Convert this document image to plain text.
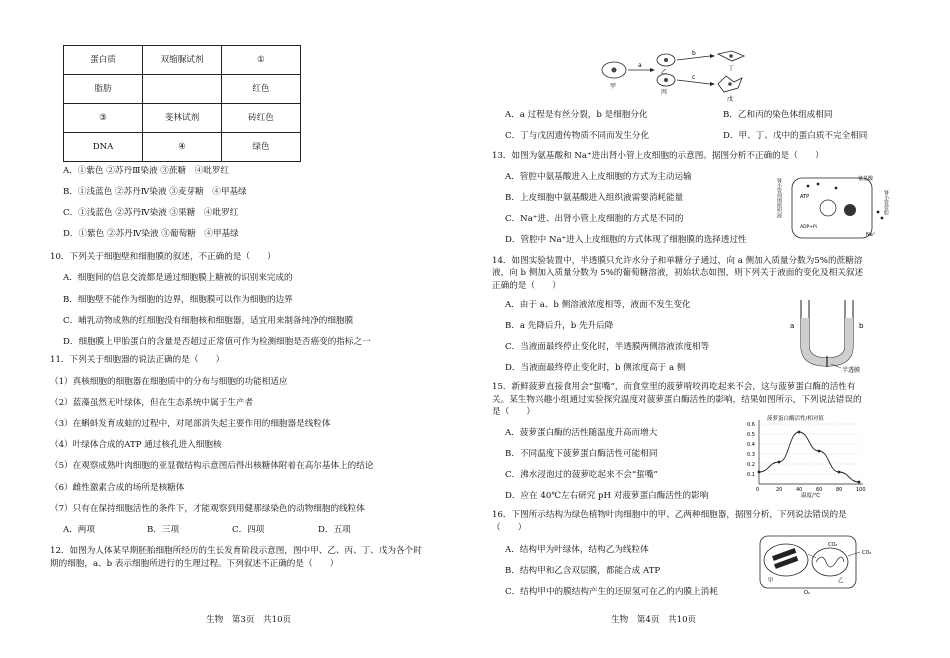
蛋白质	双缩脲试剂	①
脂肪		红色
③	斐林试剂	砖红色
DNA	④	绿色
A．①紫色 ②苏丹Ⅲ染液 ③蔗糖　④吡罗红
B．①浅蓝色 ②苏丹Ⅳ染液 ③麦芽糖　④甲基绿
C．①浅蓝色 ②苏丹Ⅳ染液 ③果糖　④吡罗红
D．①紫色 ②苏丹Ⅳ染液 ③葡萄糖　④甲基绿
10．下列关于细胞壁和细胞膜的叙述，不正确的是（　　）
A．细胞间的信息交流都是通过细胞膜上糖被的识别来完成的
B．细胞壁不能作为细胞的边界，细胞膜可以作为细胞的边界
C．哺乳动物成熟的红细胞没有细胞核和细胞器，适宜用来制备纯净的细胞膜
D．细胞膜上甲胎蛋白的含量是否超过正常值可作为检测细胞是否癌变的指标之一
11．下列关于细胞器的说法正确的是（　　）
（1）真核细胞的细胞器在细胞质中的分布与细胞的功能相适应
（2）蓝藻虽然无叶绿体，但在生态系统中属于生产者
（3）在蝌蚪发育成蛙的过程中，对尾部消失起主要作用的细胞器是线粒体
（4）叶绿体合成的ATP 通过核孔进入细胞核
（5）在观察成熟叶肉细胞的亚显微结构示意图后得出核糖体附着在高尔基体上的结论
（6）雌性激素合成的场所是核糖体
（7）只有在保持细胞活性的条件下，才能观察到用健那绿染色的动物细胞的线粒体
A．两项	B．三项	C．四项	D．五项
12．如图为人体某早期胚胎细胞所经历的生长发育阶段示意图，图中甲、乙、丙、丁、戊为各个时
期的细胞，a、b 表示细胞所进行的生理过程。下列叙述不正确的是（　　）
生物　第3页　共10页
a
乙
丙
b
c
丁
戊
甲
A．a 过程是有丝分裂，b 是细胞分化	B．乙和丙的染色体组成相同
C．丁与戊因遗传物质不同而发生分化	D．甲、丁、戊中的蛋白质不完全相同
13．如图为氨基酸和 Na⁺进出肾小管上皮细胞的示意图。据图分析不正确的是（　　）
A．管腔中氨基酸进入上皮细胞的方式为主动运输
B．上皮细胞中氨基酸进入组织液需要消耗能量
C．Na⁺进、出肾小管上皮细胞的方式是不同的
D．管腔中 Na⁺进入上皮细胞的方式体现了细胞膜的选择透过性
肾小管周围组织液	ATP
ADP+Pi
氨基酸
Na⁺
肾小管管腔
14．如图实验装置中，半透膜只允许水分子和单糖分子通过，向 a 侧加入质量分数为5%的蔗糖溶
液，向 b 侧加入质量分数为 5%的葡萄糖溶液，初始状态如图，则下列关于液面的变化及相关叙述
正确的是（　　）
A．由于 a、b 侧溶液浓度相等，液面不发生变化
B．a 先降后升，b 先升后降
C．当液面最终停止变化时，半透膜两侧溶液浓度相等
D．当液面最终停止变化时，b 侧浓度高于 a 侧
a	b
半透膜
15．新鲜菠萝直接食用会“蜇嘴”，而食堂里的菠萝啃咬再吃起来不会，这与菠萝蛋白酶的活性有
关。某生物兴趣小组通过实验探究温度对菠萝蛋白酶活性的影响，结果如图所示，下列说法错误的
是（　　）
A．菠萝蛋白酶的活性随温度升高而增大
B．不同温度下菠萝蛋白酶活性可能相同
C．沸水浸泡过的菠萝吃起来不会“蜇嘴”
D．应在 40℃左右研究 pH 对菠萝蛋白酶活性的影响
菠萝蛋白酶活性/相对值
0.1
0.2
0.3
0.4
0.5
0.6
0	20	40	60	80	100
温度/℃
16．下图所示结构为绿色植物叶肉细胞中的甲、乙两种细胞器，据图分析，下列说法错误的是
（　　）
A．结构甲为叶绿体，结构乙为线粒体
B．结构甲和乙含双层膜，都能合成 ATP
C．结构甲中的膜结构产生的还原氢可在乙的内膜上消耗
甲	乙
CO₂
CO₂
O₂
生物　第4页　共10页
